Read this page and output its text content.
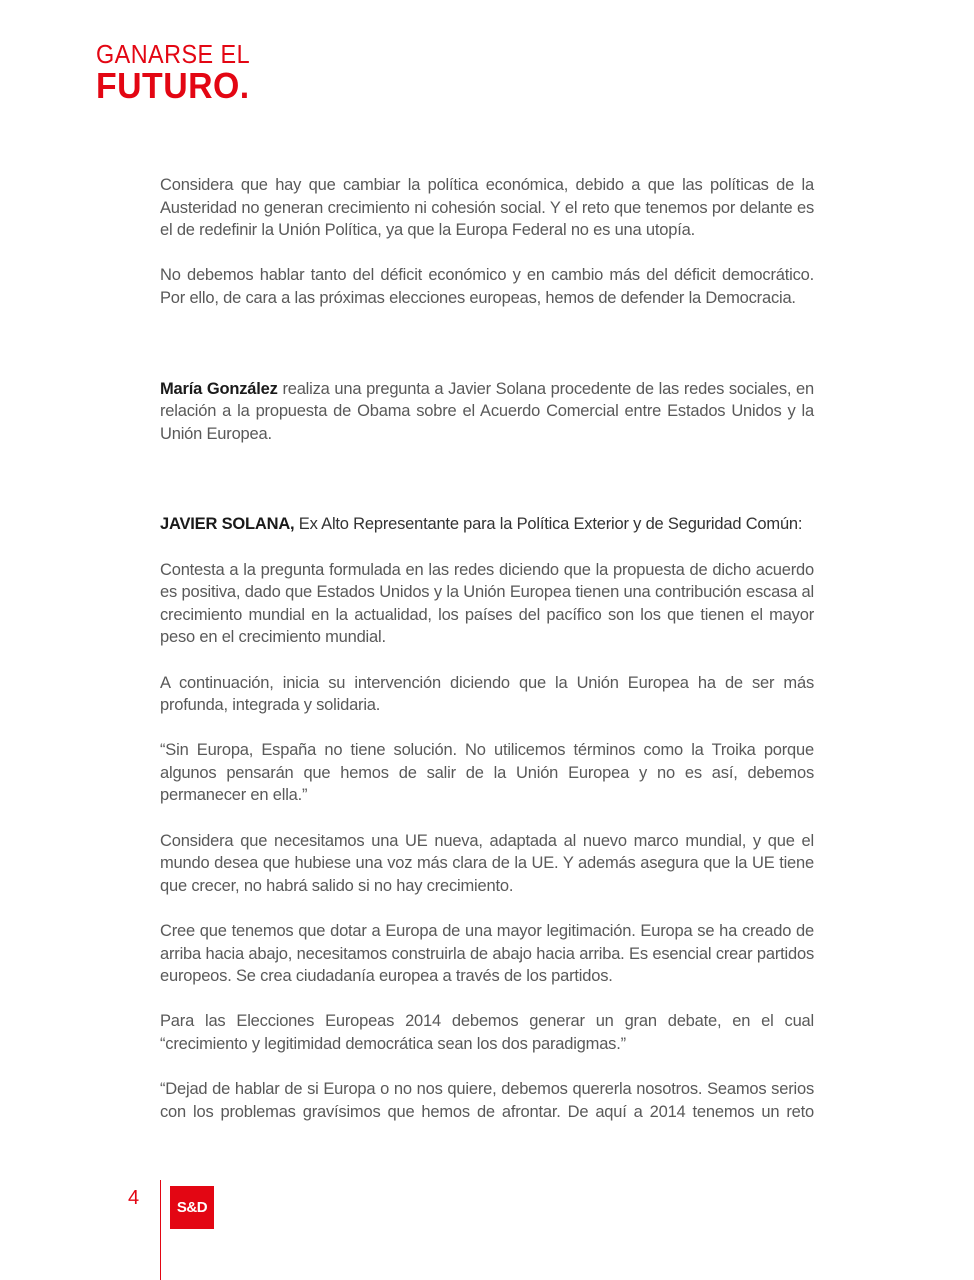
GANARSE EL
FUTURO.

Considera que hay que cambiar la política económica, debido a que las políticas de la Austeridad no generan crecimiento ni cohesión social. Y el reto que tenemos por delante es el de redefinir la Unión Política, ya que la Europa Federal no es una utopía.

No debemos hablar tanto del déficit económico y en cambio más del déficit democrático. Por ello, de cara a las próximas elecciones europeas, hemos de defender la Democracia.

María González realiza una pregunta a Javier Solana procedente de las redes sociales, en relación a la propuesta de Obama sobre el Acuerdo Comercial entre Estados Unidos y la Unión Europea.

JAVIER SOLANA, Ex Alto Representante para la Política Exterior y de Seguridad Común:

Contesta a la pregunta formulada en las redes diciendo que la propuesta de dicho acuerdo es positiva, dado que Estados Unidos y la Unión Europea tienen una contribución escasa al crecimiento mundial en la actualidad, los países del pacífico son los que tienen el mayor peso en el crecimiento mundial.

A continuación, inicia su intervención diciendo que la Unión Europea ha de ser más profunda, integrada y solidaria.

“Sin Europa, España no tiene solución. No utilicemos términos como la Troika porque algunos pensarán que hemos de salir de la Unión Europea y no es así, debemos permanecer en ella.”

Considera que necesitamos una UE nueva, adaptada al nuevo marco mundial, y que el mundo desea que hubiese una voz más clara de la UE. Y además asegura que la UE tiene que crecer, no habrá salido si no hay crecimiento.

Cree que tenemos que dotar a Europa de una mayor legitimación. Europa se ha creado de arriba hacia abajo, necesitamos construirla de abajo hacia arriba. Es esencial crear partidos europeos. Se crea ciudadanía europea a través de los partidos.

Para las Elecciones Europeas 2014 debemos generar un gran debate, en el cual “crecimiento y legitimidad democrática sean los dos paradigmas.”

“Dejad de hablar de si Europa o no nos quiere, debemos quererla nosotros. Seamos serios con los problemas gravísimos que hemos de afrontar. De aquí a 2014 tenemos un reto

4	S&D
